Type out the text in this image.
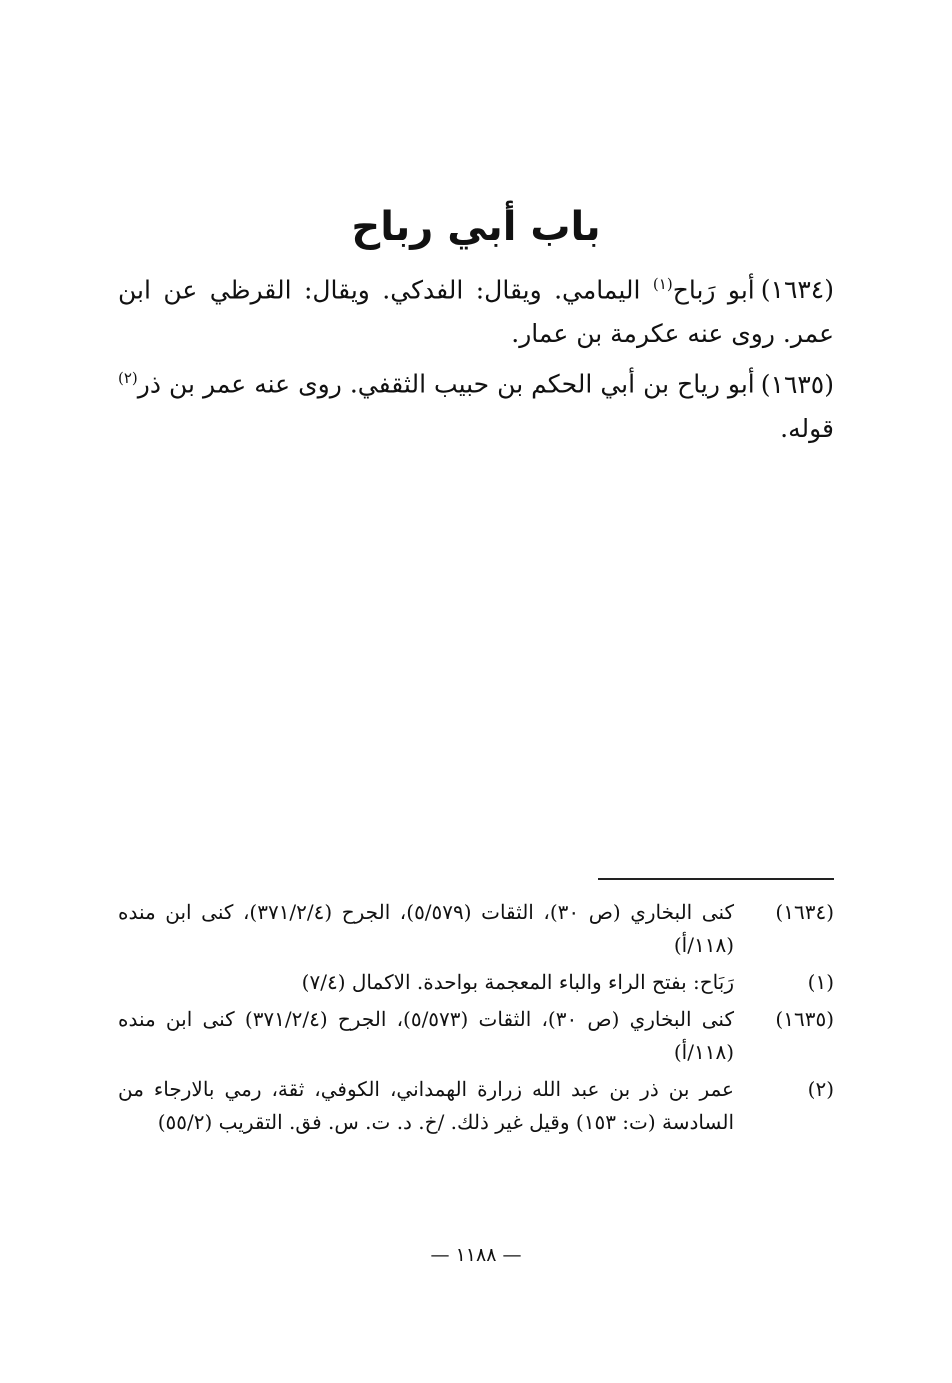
باب أبي رباح

(١٦٣٤)أبو رَباح$^{(١)}$ اليمامي. ويقال: الفدكي. ويقال: القرظي عن ابن عمر. روى عنه عكرمة بن عمار.

(١٦٣٥)أبو رياح بن أبي الحكم بن حبيب الثقفي. روى عنه عمر بن ذر$^{(٢)}$ قوله.

(١٦٣٤)
كنى البخاري (ص ٣٠)، الثقات (٥/٥٧٩)، الجرح (٣٧١/٢/٤)، كنى ابن منده (١١٨/أ)
(١)
رَبَاح: بفتح الراء والباء المعجمة بواحدة. الاكمال (٧/٤)
(١٦٣٥)
كنى البخاري (ص ٣٠)، الثقات (٥/٥٧٣)، الجرح (٣٧١/٢/٤) كنى ابن منده (١١٨/أ)
(٢)
عمر بن ذر بن عبد الله زرارة الهمداني، الكوفي، ثقة، رمي بالارجاء من السادسة (ت: ١٥٣) وقيل غير ذلك. /خ. د. ت. س. فق. التقريب (٥٥/٢)
— ١١٨٨ —
